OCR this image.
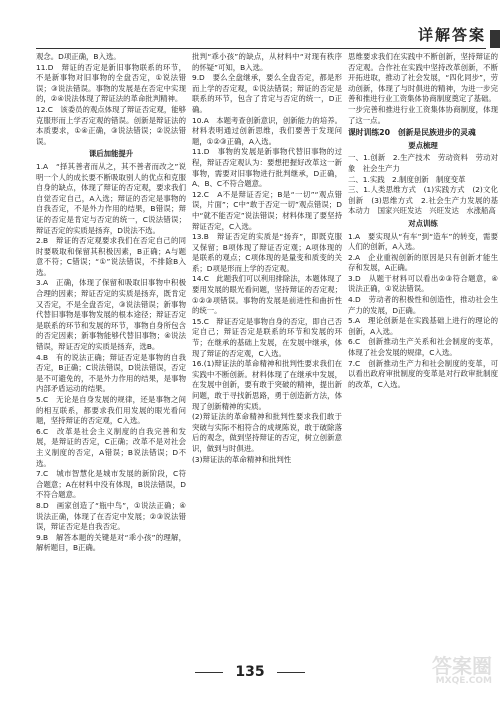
详解答案

观念。D项正确，B入选。

11.D　辩证的否定是新旧事物联系的环节，不是新事物对旧事物的全盘否定，①说法错误；③说法错误。事物的发展是在否定中实现的，②④说法体现了辩证法的革命批判精神。

12.C　该委员的观点体现了辩证否定观，能够克服形而上学否定观的错误。创新是辩证法的本质要求，①④正确，③说法错误；②说法错误。

课后加能提升

1.A　“择其善者而从之，其不善者而改之”说明一个人的成长要不断吸取别人的优点和克服自身的缺点，体现了辩证的否定观，要求我们自觉否定自己，A入选；辩证的否定是事物的自我否定，不是外力作用的结果，B错误；辩证的否定是肯定与否定的统一，C说法错误；辩证否定的实质是扬弃，D说法不选。

2.B　辩证的否定观要求我们在否定自己的同时要吸取和保留其积极因素，B正确；A与题意不符；C错误；“①”说法错误，不排除B入选。

3.A　正确，体现了保留和吸取旧事物中积极合理的因素；辩证否定的实质是扬弃，既肯定又否定，不是全盘否定，③说法错误；新事物代替旧事物是事物发展的根本途径；辩证否定是联系的环节和发展的环节，事物自身所包含的否定因素；新事物能够代替旧事物；④说法错误，辩证否定的实质是扬弃，选B。

4.B　有的说法正确；辩证否定是事物的自我否定，B正确；C说法错误，D说法错误，否定是不可避免的，不是外力作用的结果，是事物内部矛盾运动的结果。

5.C　无论是自身发展的规律，还是事物之间的相互联系，都要求我们用发展的眼光看问题，坚持辩证的否定观，C入选。

6.C　改革是社会主义制度的自我完善和发展，是辩证的否定，C正确；改革不是对社会主义制度的否定，A错误；B说法错误；D不选。

7.C　城市智慧化是城市发展的新阶段，C符合题意；A在材料中没有体现，B说法错误，D不符合题意。

8.D　画家创造了“瓶中鸟”，①说法正确；④说法正确，体现了在否定中发展；②③说法错误，辩证否定是自我否定。

9.B　解答本题的关键是对“乖小孩”的理解，解析题目，B正确。

批判“乖小孩”的缺点，从材料中“对现有秩序的怀疑”可知，B入选。

9.D　要么全盘继承，要么全盘否定，都是形而上学的否定观，①说法错误；辩证的否定是联系的环节，包含了肯定与否定的统一，D正确。

10.A　本题考查创新意识，创新能力的培养。材料表明通过创新思维，我们要善于发现问题，①②③正确，A入选。

11.D　事物的发展是新事物代替旧事物的过程，辩证否定观认为：要想把握好改革这一新事物，需要对旧事物进行批判继承，D正确，A、B、C不符合题意。

12.C　A不是辩证否定；B是“一切”“观点错误，片面”；C中“敢于否定一切”观点错误；D中“就不能否定”说法错误；材料体现了要坚持辩证否定，C入选。

13.B　辩证否定的实质是“扬弃”，即既克服又保留；B项体现了辩证否定观；A项体现的是联系的观点；C项体现的是量变和质变的关系；D项是形而上学的否定观。

14.C　此题我们可以利用排除法，本题体现了要用发展的眼光看问题，坚持辩证的否定观；①②③项错误。事物的发展是前进性和曲折性的统一。

15.C　辩证否定是事物自身的否定，即自己否定自己；辩证否定是联系的环节和发展的环节；在继承的基础上发展，在发展中继承，体现了辩证的否定观，C入选。

16.(1)辩证法的革命精神和批判性要求我们在实践中不断创新。材料体现了在继承中发展，在发展中创新，要有敢于突破的精神，提出新问题，敢于寻找新思路，勇于创造新方法，体现了创新精神的实质。

(2)辩证法的革命精神和批判性要求我们敢于突破与实际不相符合的成规陈说，敢于破除落后的观念，做到坚持辩证的否定，树立创新意识，做到与时俱进。

(3)辩证法的革命精神和批判性

思维要求我们在实践中不断创新，坚持辩证的否定观。合作社在实践中坚持改革创新，不断开拓进取，推动了社会发展，“四化同步”，劳动创新，体现了与时俱进的精神，为进一步完善和推进行业工资集体协商制度奠定了基础。

一步完善和推进行业工资集体协商制度，体现了这一点。

课时训练20　创新是民族进步的灵魂

要点梳理

一、1.创新　2.生产技术　劳动资料　劳动对象　社会生产力

二、1.实践　2.制度创新　制度变革

三、1.人类思维方式　(1)实践方式　(2)文化创新　(3)思维方式　2.社会生产力发展的基本动力　国家兴旺发达　兴旺发达　水涨船高

对点训练

1.A　要实现从“有车”到“造车”的转变，需要人们的创新，A入选。

2.A　企业重视创新的原因是只有创新才能生存和发展，A正确。

3.D　从题干材料可以看出②③符合题意，④说法正确，①说法错误。

4.D　劳动者的积极性和创造性，推动社会生产力的发展，D正确。

5.A　理论创新是在实践基础上进行的理论的创新，A入选。

6.C　创新推动生产关系和社会制度的变革，体现了社会发展的规律，C入选。

7.C　创新推动生产力和社会制度的变革，可以看出政府审批制度的变革是对行政审批制度的改革，C入选。

135	答案圈
MXQE.COM
